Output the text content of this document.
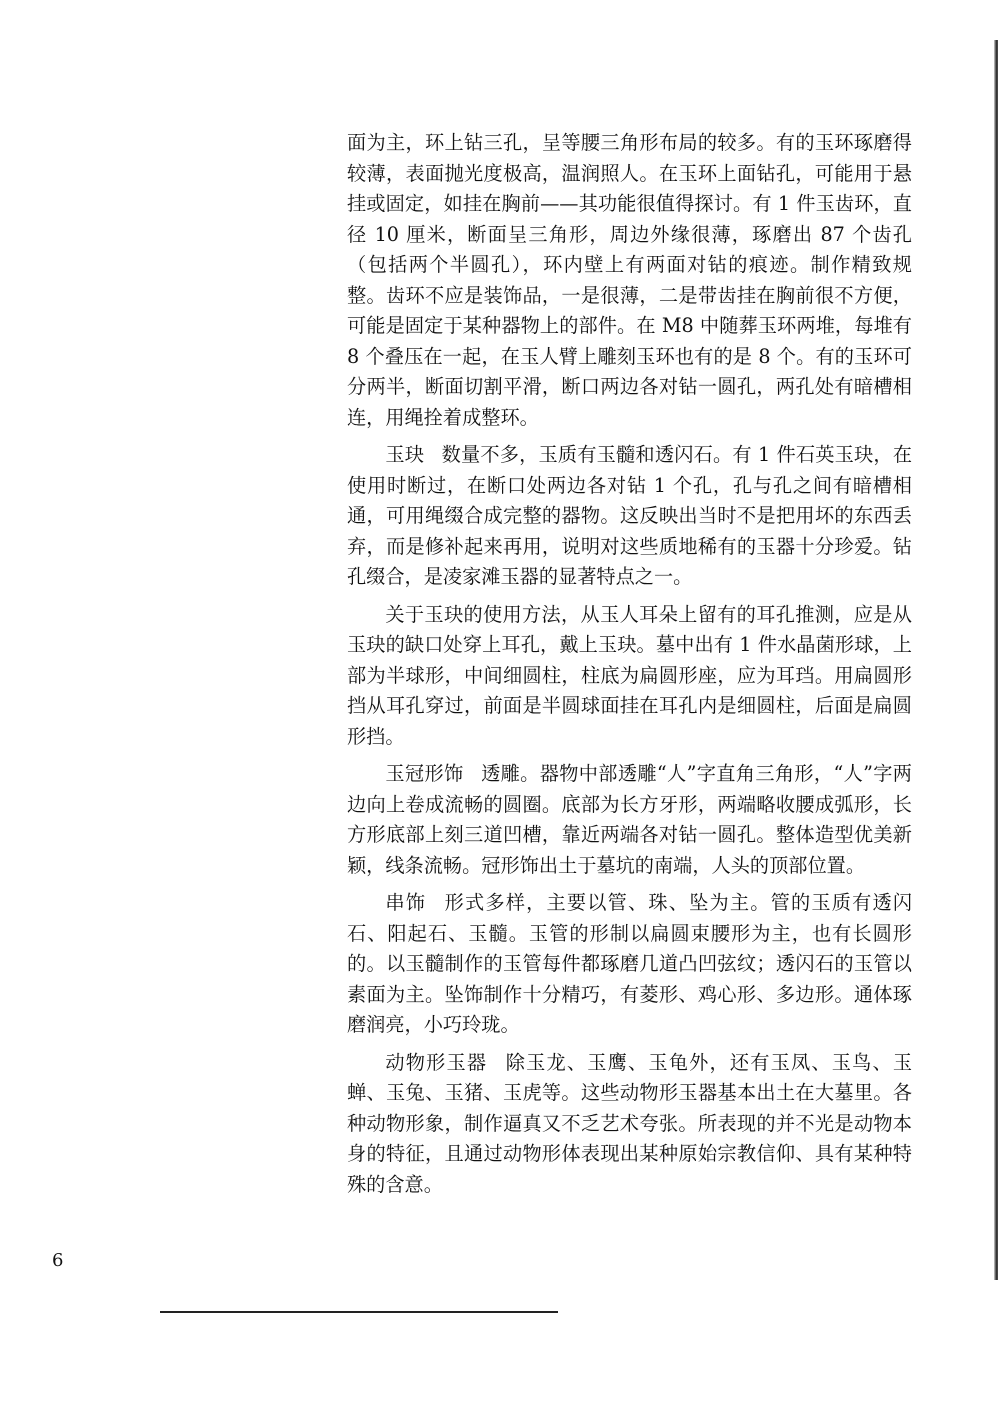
面为主，环上钻三孔，呈等腰三角形布局的较多。有的玉环琢磨得较薄，表面抛光度极高，温润照人。在玉环上面钻孔，可能用于悬挂或固定，如挂在胸前——其功能很值得探讨。有 1 件玉齿环，直径 10 厘米，断面呈三角形，周边外缘很薄，琢磨出 87 个齿孔（包括两个半圆孔），环内壁上有两面对钻的痕迹。制作精致规整。齿环不应是装饰品，一是很薄，二是带齿挂在胸前很不方便，可能是固定于某种器物上的部件。在 M8 中随葬玉环两堆，每堆有 8 个叠压在一起，在玉人臂上雕刻玉环也有的是 8 个。有的玉环可分两半，断面切割平滑，断口两边各对钻一圆孔，两孔处有暗槽相连，用绳拴着成整环。

玉玦 数量不多，玉质有玉髓和透闪石。有 1 件石英玉玦，在使用时断过，在断口处两边各对钻 1 个孔，孔与孔之间有暗槽相通，可用绳缀合成完整的器物。这反映出当时不是把用坏的东西丢弃，而是修补起来再用，说明对这些质地稀有的玉器十分珍爱。钻孔缀合，是凌家滩玉器的显著特点之一。

关于玉玦的使用方法，从玉人耳朵上留有的耳孔推测，应是从玉玦的缺口处穿上耳孔，戴上玉玦。墓中出有 1 件水晶菌形球，上部为半球形，中间细圆柱，柱底为扁圆形座，应为耳珰。用扁圆形挡从耳孔穿过，前面是半圆球面挂在耳孔内是细圆柱，后面是扁圆形挡。

玉冠形饰 透雕。器物中部透雕“人”字直角三角形，“人”字两边向上卷成流畅的圆圈。底部为长方牙形，两端略收腰成弧形，长方形底部上刻三道凹槽，靠近两端各对钻一圆孔。整体造型优美新颖，线条流畅。冠形饰出土于墓坑的南端，人头的顶部位置。

串饰 形式多样，主要以管、珠、坠为主。管的玉质有透闪石、阳起石、玉髓。玉管的形制以扁圆束腰形为主，也有长圆形的。以玉髓制作的玉管每件都琢磨几道凸凹弦纹；透闪石的玉管以素面为主。坠饰制作十分精巧，有菱形、鸡心形、多边形。通体琢磨润亮，小巧玲珑。

动物形玉器 除玉龙、玉鹰、玉龟外，还有玉凤、玉鸟、玉蝉、玉兔、玉猪、玉虎等。这些动物形玉器基本出土在大墓里。各种动物形象，制作逼真又不乏艺术夸张。所表现的并不光是动物本身的特征，且通过动物形体表现出某种原始宗教信仰、具有某种特殊的含意。

6
